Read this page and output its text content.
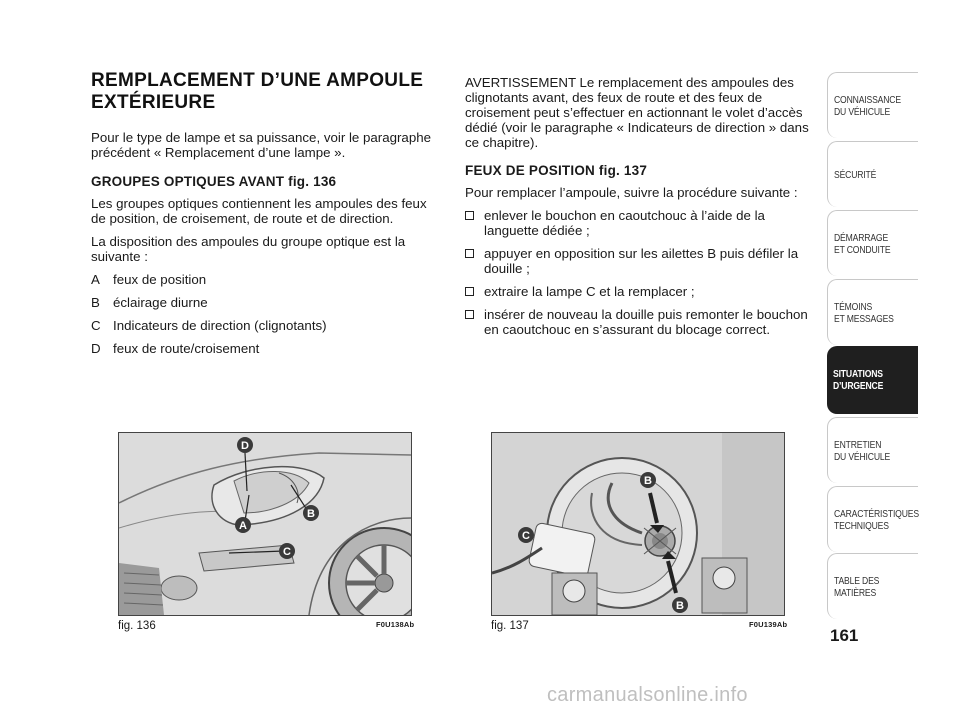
REMPLACEMENT D’UNE AMPOULE
EXTÉRIEURE

Pour le type de lampe et sa puissance, voir le paragraphe précédent « Remplacement d’une lampe ».

GROUPES OPTIQUES AVANT fig. 136

Les groupes optiques contiennent les ampoules des feux de position, de croisement, de route et de direction.

La disposition des ampoules du groupe optique est la suivante :

A feux de position
B éclairage diurne
C Indicateurs de direction (clignotants)
D feux de route/croisement

AVERTISSEMENT Le remplacement des ampoules des clignotants avant, des feux de route et des feux de croisement peut s’effectuer en actionnant le volet d’accès dédié (voir le paragraphe « Indicateurs de direction » dans ce chapitre).

FEUX DE POSITION fig. 137

Pour remplacer l’ampoule, suivre la procédure suivante :

enlever le bouchon en caoutchouc à l’aide de la languette dédiée ;
appuyer en opposition sur les ailettes B puis défiler la douille ;
extraire la lampe C et la remplacer ;
insérer de nouveau la douille puis remonter le bouchon en caoutchouc en s’assurant du blocage correct.
D
A
B
C
fig. 136	F0U138Ab
B
C
B
fig. 137	F0U139Ab
CONNAISSANCE
DU VÉHICULE
SÉCURITÉ
DÉMARRAGE
ET CONDUITE
TÉMOINS
ET MESSAGES
SITUATIONS
D’URGENCE
ENTRETIEN
DU VÉHICULE
CARACTÉRISTIQUES
TECHNIQUES
TABLE DES
MATIÈRES
161
carmanualsonline.info
